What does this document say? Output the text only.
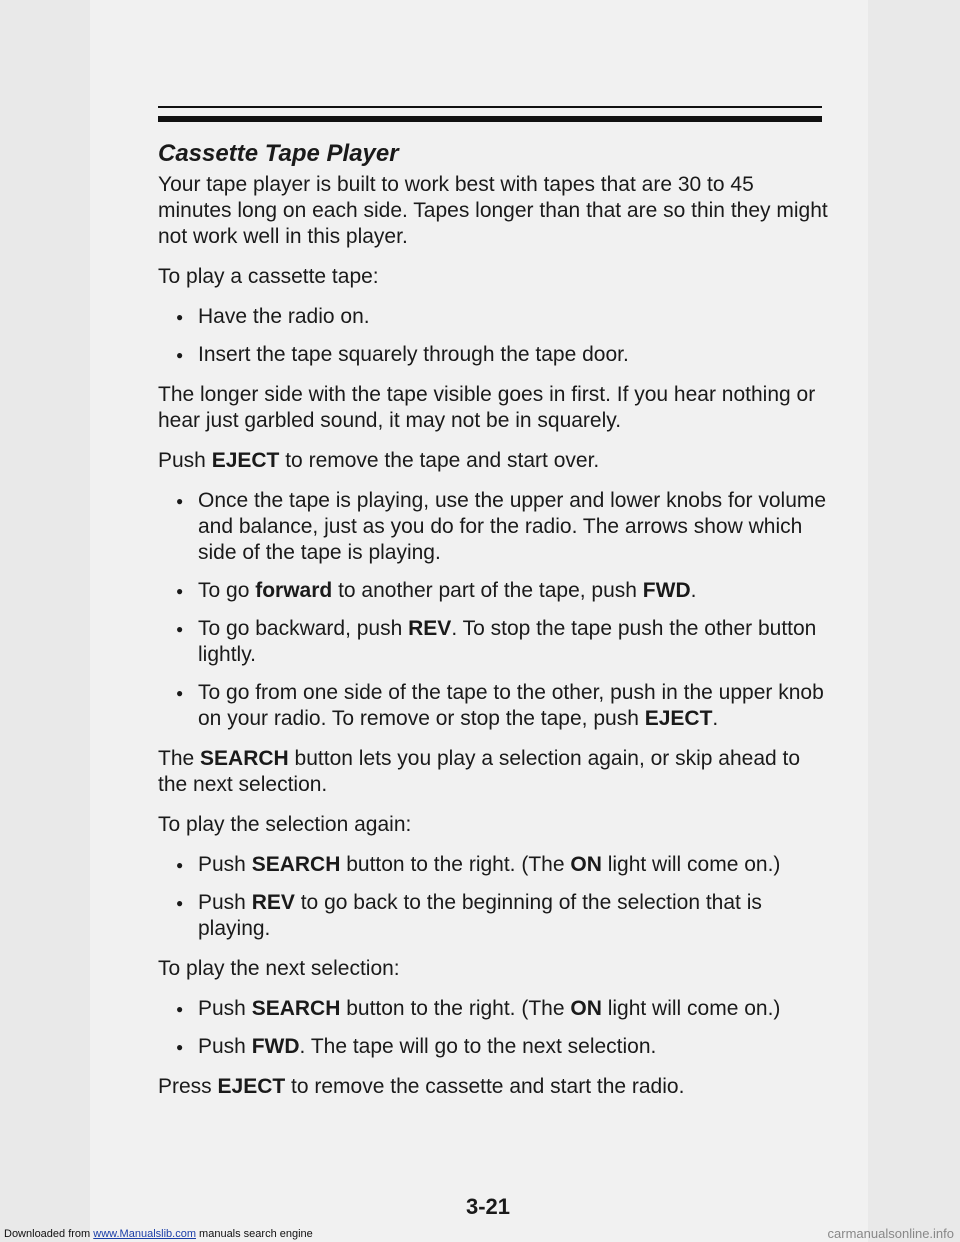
Cassette Tape Player

Your tape player is built to work best with tapes that are 30 to 45 minutes long on each side. Tapes longer than that are so thin they might not work well in this player.

To play a cassette tape:

● Have the radio on.
● Insert the tape squarely through the tape door.

The longer side with the tape visible goes in first. If you hear nothing or hear just garbled sound, it may not be in squarely.

Push EJECT to remove the tape and start over.

● Once the tape is playing, use the upper and lower knobs for volume and balance, just as you do for the radio. The arrows show which side of the tape is playing.
● To go forward to another part of the tape, push FWD.
● To go backward, push REV. To stop the tape push the other button lightly.
● To go from one side of the tape to the other, push in the upper knob on your radio. To remove or stop the tape, push EJECT.

The SEARCH button lets you play a selection again, or skip ahead to the next selection.

To play the selection again:

● Push SEARCH button to the right. (The ON light will come on.)
● Push REV to go back to the beginning of the selection that is playing.

To play the next selection:

● Push SEARCH button to the right. (The ON light will come on.)
● Push FWD. The tape will go to the next selection.

Press EJECT to remove the cassette and start the radio.

3-21
Downloaded from www.Manualslib.com manuals search engine	carmanualsonline.info
